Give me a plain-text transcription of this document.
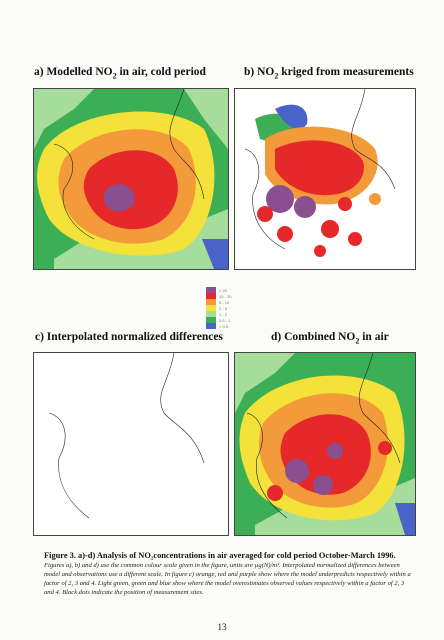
a) Modelled $NO_2$ in air, cold period	b) $NO_2$ kriged from measurements
c) Interpolated normalized differences	d) Combined $NO_2$ in air
> 20
10 - 20
5 - 10
2 - 5
1 - 2
0.5 - 1
< 0.5
Figure 3. a)-d) Analysis of NO₂concentrations in air averaged for cold period October-March 1996. Figures a), b) and d) use the common colour scale given in the figure, units are µg(N)/m³. Interpolated normalized differences between model and observations use a different scale. In figure c) orange, red and purple show where the model underpredicts respectively within a factor of 2, 3 and 4. Light green, green and blue show where the model overestimates observed values respectively within a factor of 2, 3 and 4. Black dots indicate the position of measurement sites.
13
